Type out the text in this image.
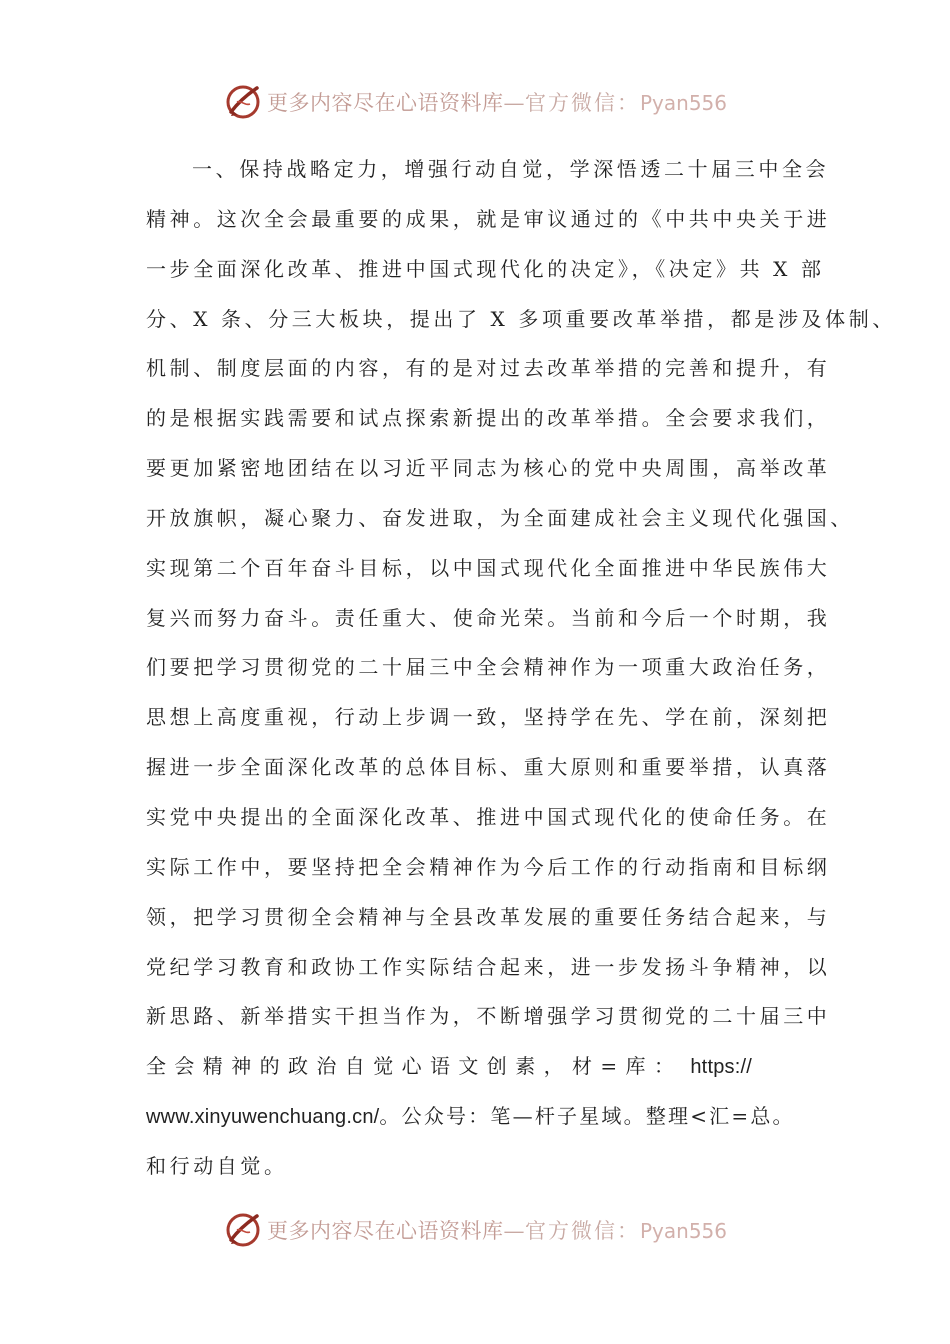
更多内容尽在心语资料库—官方微信：Pyan556
一、保持战略定力，增强行动自觉，学深悟透二十届三中全会
精神。这次全会最重要的成果，就是审议通过的《中共中央关于进
一步全面深化改革、推进中国式现代化的决定》，《决定》共 X 部
分、X 条、分三大板块，提出了 X 多项重要改革举措，都是涉及体制、
机制、制度层面的内容，有的是对过去改革举措的完善和提升，有
的是根据实践需要和试点探索新提出的改革举措。全会要求我们，
要更加紧密地团结在以习近平同志为核心的党中央周围，高举改革
开放旗帜，凝心聚力、奋发进取，为全面建成社会主义现代化强国、
实现第二个百年奋斗目标，以中国式现代化全面推进中华民族伟大
复兴而努力奋斗。责任重大、使命光荣。当前和今后一个时期，我
们要把学习贯彻党的二十届三中全会精神作为一项重大政治任务，
思想上高度重视，行动上步调一致，坚持学在先、学在前，深刻把
握进一步全面深化改革的总体目标、重大原则和重要举措，认真落
实党中央提出的全面深化改革、推进中国式现代化的使命任务。在
实际工作中，要坚持把全会精神作为今后工作的行动指南和目标纲
领，把学习贯彻全会精神与全县改革发展的重要任务结合起来，与
党纪学习教育和政协工作实际结合起来，进一步发扬斗争精神，以
新思路、新举措实干担当作为，不断增强学习贯彻党的二十届三中
全会精神的政治自觉心语文创素，材=库： https://
www.xinyuwenchuang.cn/。公众号：笔—杆子星域。整理<汇=总。
和行动自觉。
更多内容尽在心语资料库—官方微信：Pyan556
